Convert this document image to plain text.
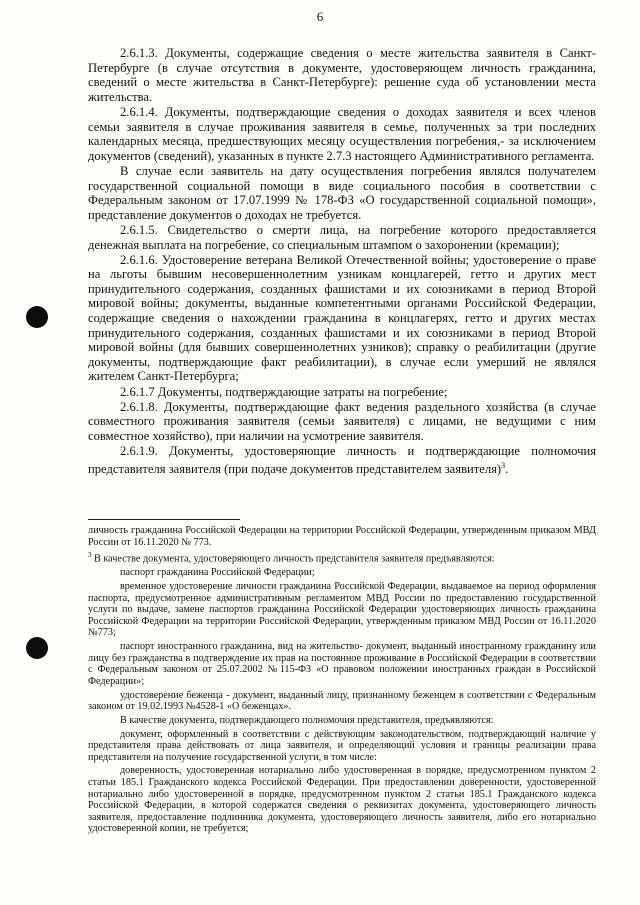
6

2.6.1.3. Документы, содержащие сведения о месте жительства заявителя в Санкт-Петербурге (в случае отсутствия в документе, удостоверяющем личность гражданина, сведений о месте жительства в Санкт-Петербурге): решение суда об установлении места жительства.

2.6.1.4. Документы, подтверждающие сведения о доходах заявителя и всех членов семьи заявителя в случае проживания заявителя в семье, полученных за три последних календарных месяца, предшествующих месяцу осуществления погребения,- за исключением документов (сведений), указанных в пункте 2.7.3 настоящего Административного регламента.

В случае если заявитель на дату осуществления погребения являлся получателем государственной социальной помощи в виде социального пособия в соответствии с Федеральным законом от 17.07.1999 № 178-ФЗ «О государственной социальной помощи», представление документов о доходах не требуется.

2.6.1.5. Свидетельство о смерти лица, на погребение которого предоставляется денежная выплата на погребение, со специальным штампом о захоронении (кремации);

2.6.1.6. Удостоверение ветерана Великой Отечественной войны; удостоверение о праве на льготы бывшим несовершеннолетним узникам концлагерей, гетто и других мест принудительного содержания, созданных фашистами и их союзниками в период Второй мировой войны; документы, выданные компетентными органами Российской Федерации, содержащие сведения о нахождении гражданина в концлагерях, гетто и других местах принудительного содержания, созданных фашистами и их союзниками в период Второй мировой войны (для бывших совершеннолетних узников); справку о реабилитации (другие документы, подтверждающие факт реабилитации), в случае если умерший не являлся жителем Санкт-Петербурга;

2.6.1.7 Документы, подтверждающие затраты на погребение;

2.6.1.8. Документы, подтверждающие факт ведения раздельного хозяйства (в случае совместного проживания заявителя (семьи заявителя) с лицами, не ведущими с ним совместное хозяйство), при наличии на усмотрение заявителя.

2.6.1.9. Документы, удостоверяющие личность и подтверждающие полномочия представителя заявителя (при подаче документов представителем заявителя)$^3$.

личность гражданина Российской Федерации на территории Российской Федерации, утвержденным приказом МВД России от 16.11.2020 № 773.

$^3$ В качестве документа, удостоверяющего личность представителя заявителя предъявляются:

паспорт гражданина Российской Федерации;

временное удостоверение личности гражданина Российской Федерации, выдаваемое на период оформления паспорта, предусмотренное административным регламентом МВД России по предоставлению государственной услуги по выдаче, замене паспортов гражданина Российской Федерации удостоверяющих личность гражданина Российской Федерации на территории Российской Федерации, утвержденным приказом МВД России от 16.11.2020 №773;

паспорт иностранного гражданина, вид на жительство- документ, выданный иностранному гражданину или лицу без гражданства в подтверждение их прав на постоянное проживание в Российской Федерации в соответствии с Федеральным законом от 25.07.2002 №115-ФЗ «О правовом положении иностранных граждан в Российской Федерации»;

удостоверение беженца - документ, выданный лицу, признанному беженцем в соответствии с Федеральным законом от 19.02.1993 №4528-1 «О беженцах».

В качестве документа, подтверждающего полномочия представителя, предъявляются:

документ, оформленный в соответствии с действующим законодательством, подтверждающий наличие у представителя права действовать от лица заявителя, и определяющий условия и границы реализации права представителя на получение государственной услуги, в том числе:

доверенность, удостоверенная нотариально либо удостоверенная в порядке, предусмотренном пунктом 2 статьи 185.1 Гражданского кодекса Российской Федерации. При предоставлении доверенности, удостоверенной нотариально либо удостоверенной в порядке, предусмотренном пунктом 2 статьи 185.1 Гражданского кодекса Российской Федерации, в которой содержатся сведения о реквизитах документа, удостоверяющего личность заявителя, предоставление подлинника документа, удостоверяющего личность заявителя, либо его нотариально удостоверенной копии, не требуется;
